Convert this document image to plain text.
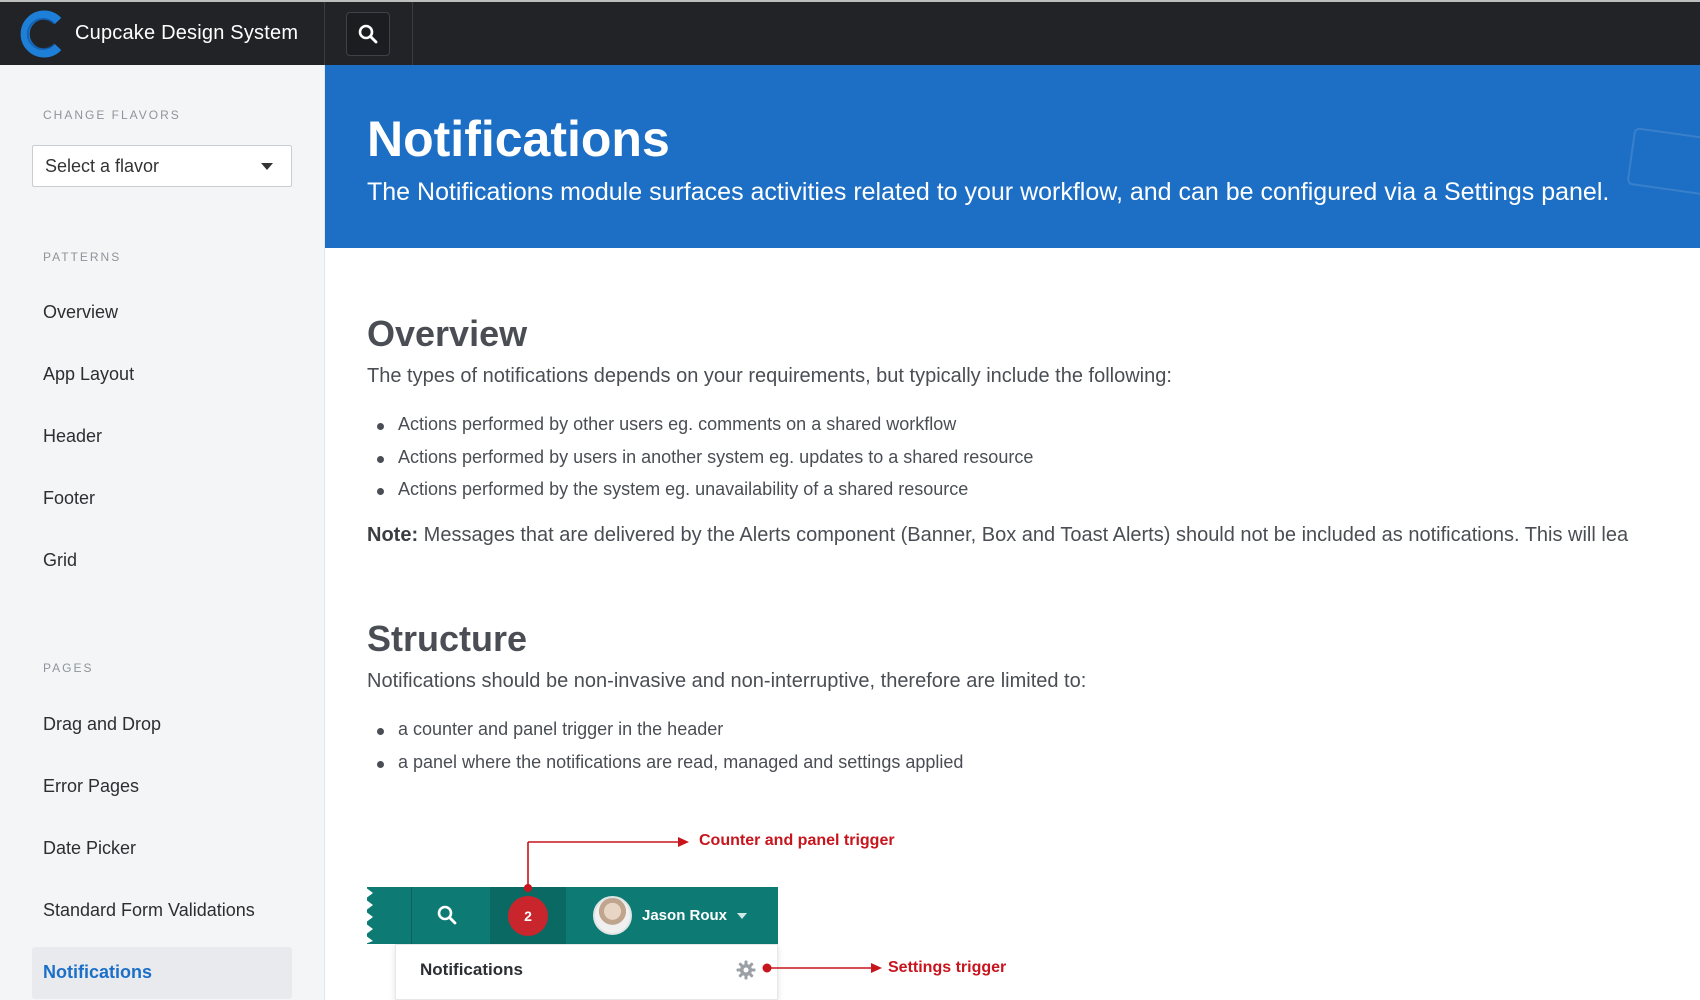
Cupcake Design System
CHANGE FLAVORS
Select a flavor
PATTERNS
Overview
App Layout
Header
Footer
Grid
PAGES
Drag and Drop
Error Pages
Date Picker
Standard Form Validations
Notifications
Notifications
The Notifications module surfaces activities related to your workflow, and can be configured via a Settings panel.
Overview
The types of notifications depends on your requirements, but typically include the following:
Actions performed by other users eg. comments on a shared workflow
Actions performed by users in another system eg. updates to a shared resource
Actions performed by the system eg. unavailability of a shared resource
Note: Messages that are delivered by the Alerts component (Banner, Box and Toast Alerts) should not be included as notifications. This will lea
Structure
Notifications should be non-invasive and non-interruptive, therefore are limited to:
a counter and panel trigger in the header
a panel where the notifications are read, managed and settings applied
2	Jason Roux
Notifications
Counter and panel trigger
Settings trigger
